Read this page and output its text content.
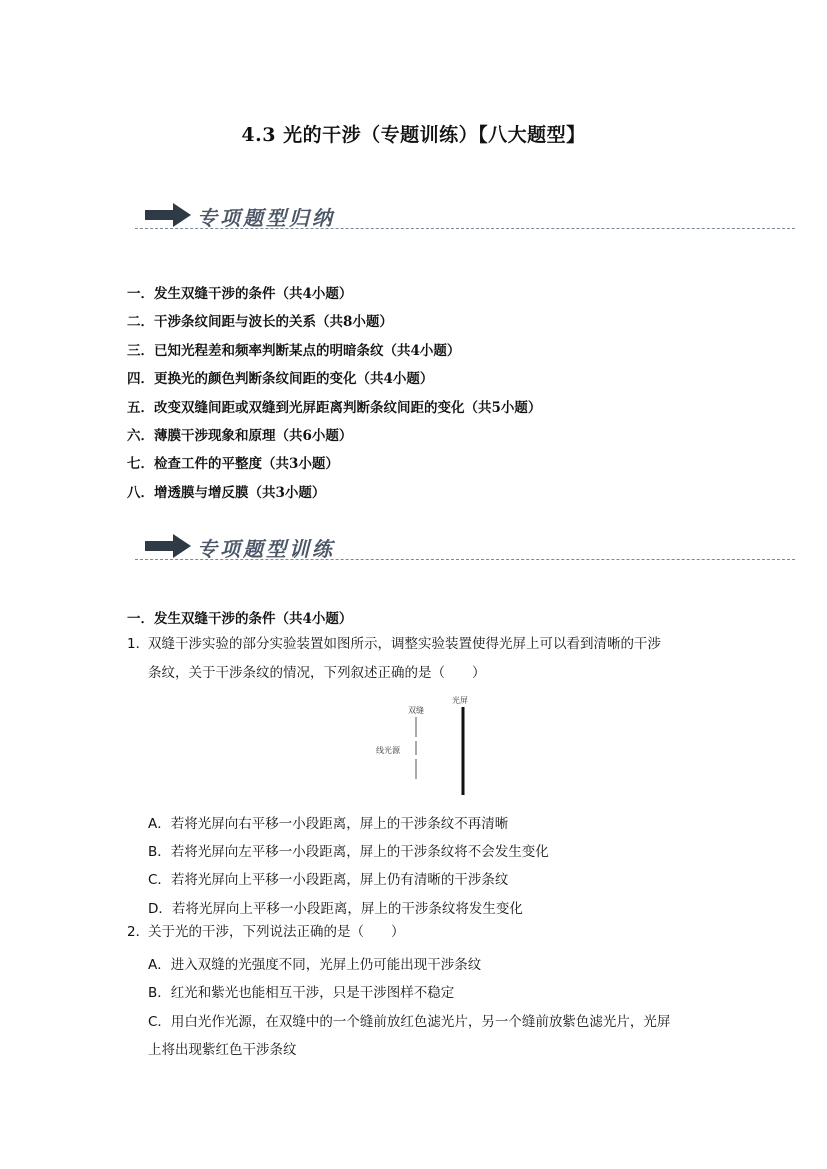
4.3 光的干涉（专题训练）【八大题型】
专项题型归纳
一．发生双缝干涉的条件（共4小题）
二．干涉条纹间距与波长的关系（共8小题）
三．已知光程差和频率判断某点的明暗条纹（共4小题）
四．更换光的颜色判断条纹间距的变化（共4小题）
五．改变双缝间距或双缝到光屏距离判断条纹间距的变化（共5小题）
六．薄膜干涉现象和原理（共6小题）
七．检查工件的平整度（共3小题）
八．增透膜与增反膜（共3小题）
专项题型训练
一．发生双缝干涉的条件（共4小题）
1．双缝干涉实验的部分实验装置如图所示，调整实验装置使得光屏上可以看到清晰的干涉
条纹，关于干涉条纹的情况，下列叙述正确的是（　　）
光屏
双缝
线光源
A．若将光屏向右平移一小段距离，屏上的干涉条纹不再清晰
B．若将光屏向左平移一小段距离，屏上的干涉条纹将不会发生变化
C．若将光屏向上平移一小段距离，屏上仍有清晰的干涉条纹
D．若将光屏向上平移一小段距离，屏上的干涉条纹将发生变化
2．关于光的干涉，下列说法正确的是（　　）
A．进入双缝的光强度不同，光屏上仍可能出现干涉条纹
B．红光和紫光也能相互干涉，只是干涉图样不稳定
C．用白光作光源，在双缝中的一个缝前放红色滤光片，另一个缝前放紫色滤光片，光屏
上将出现紫红色干涉条纹
